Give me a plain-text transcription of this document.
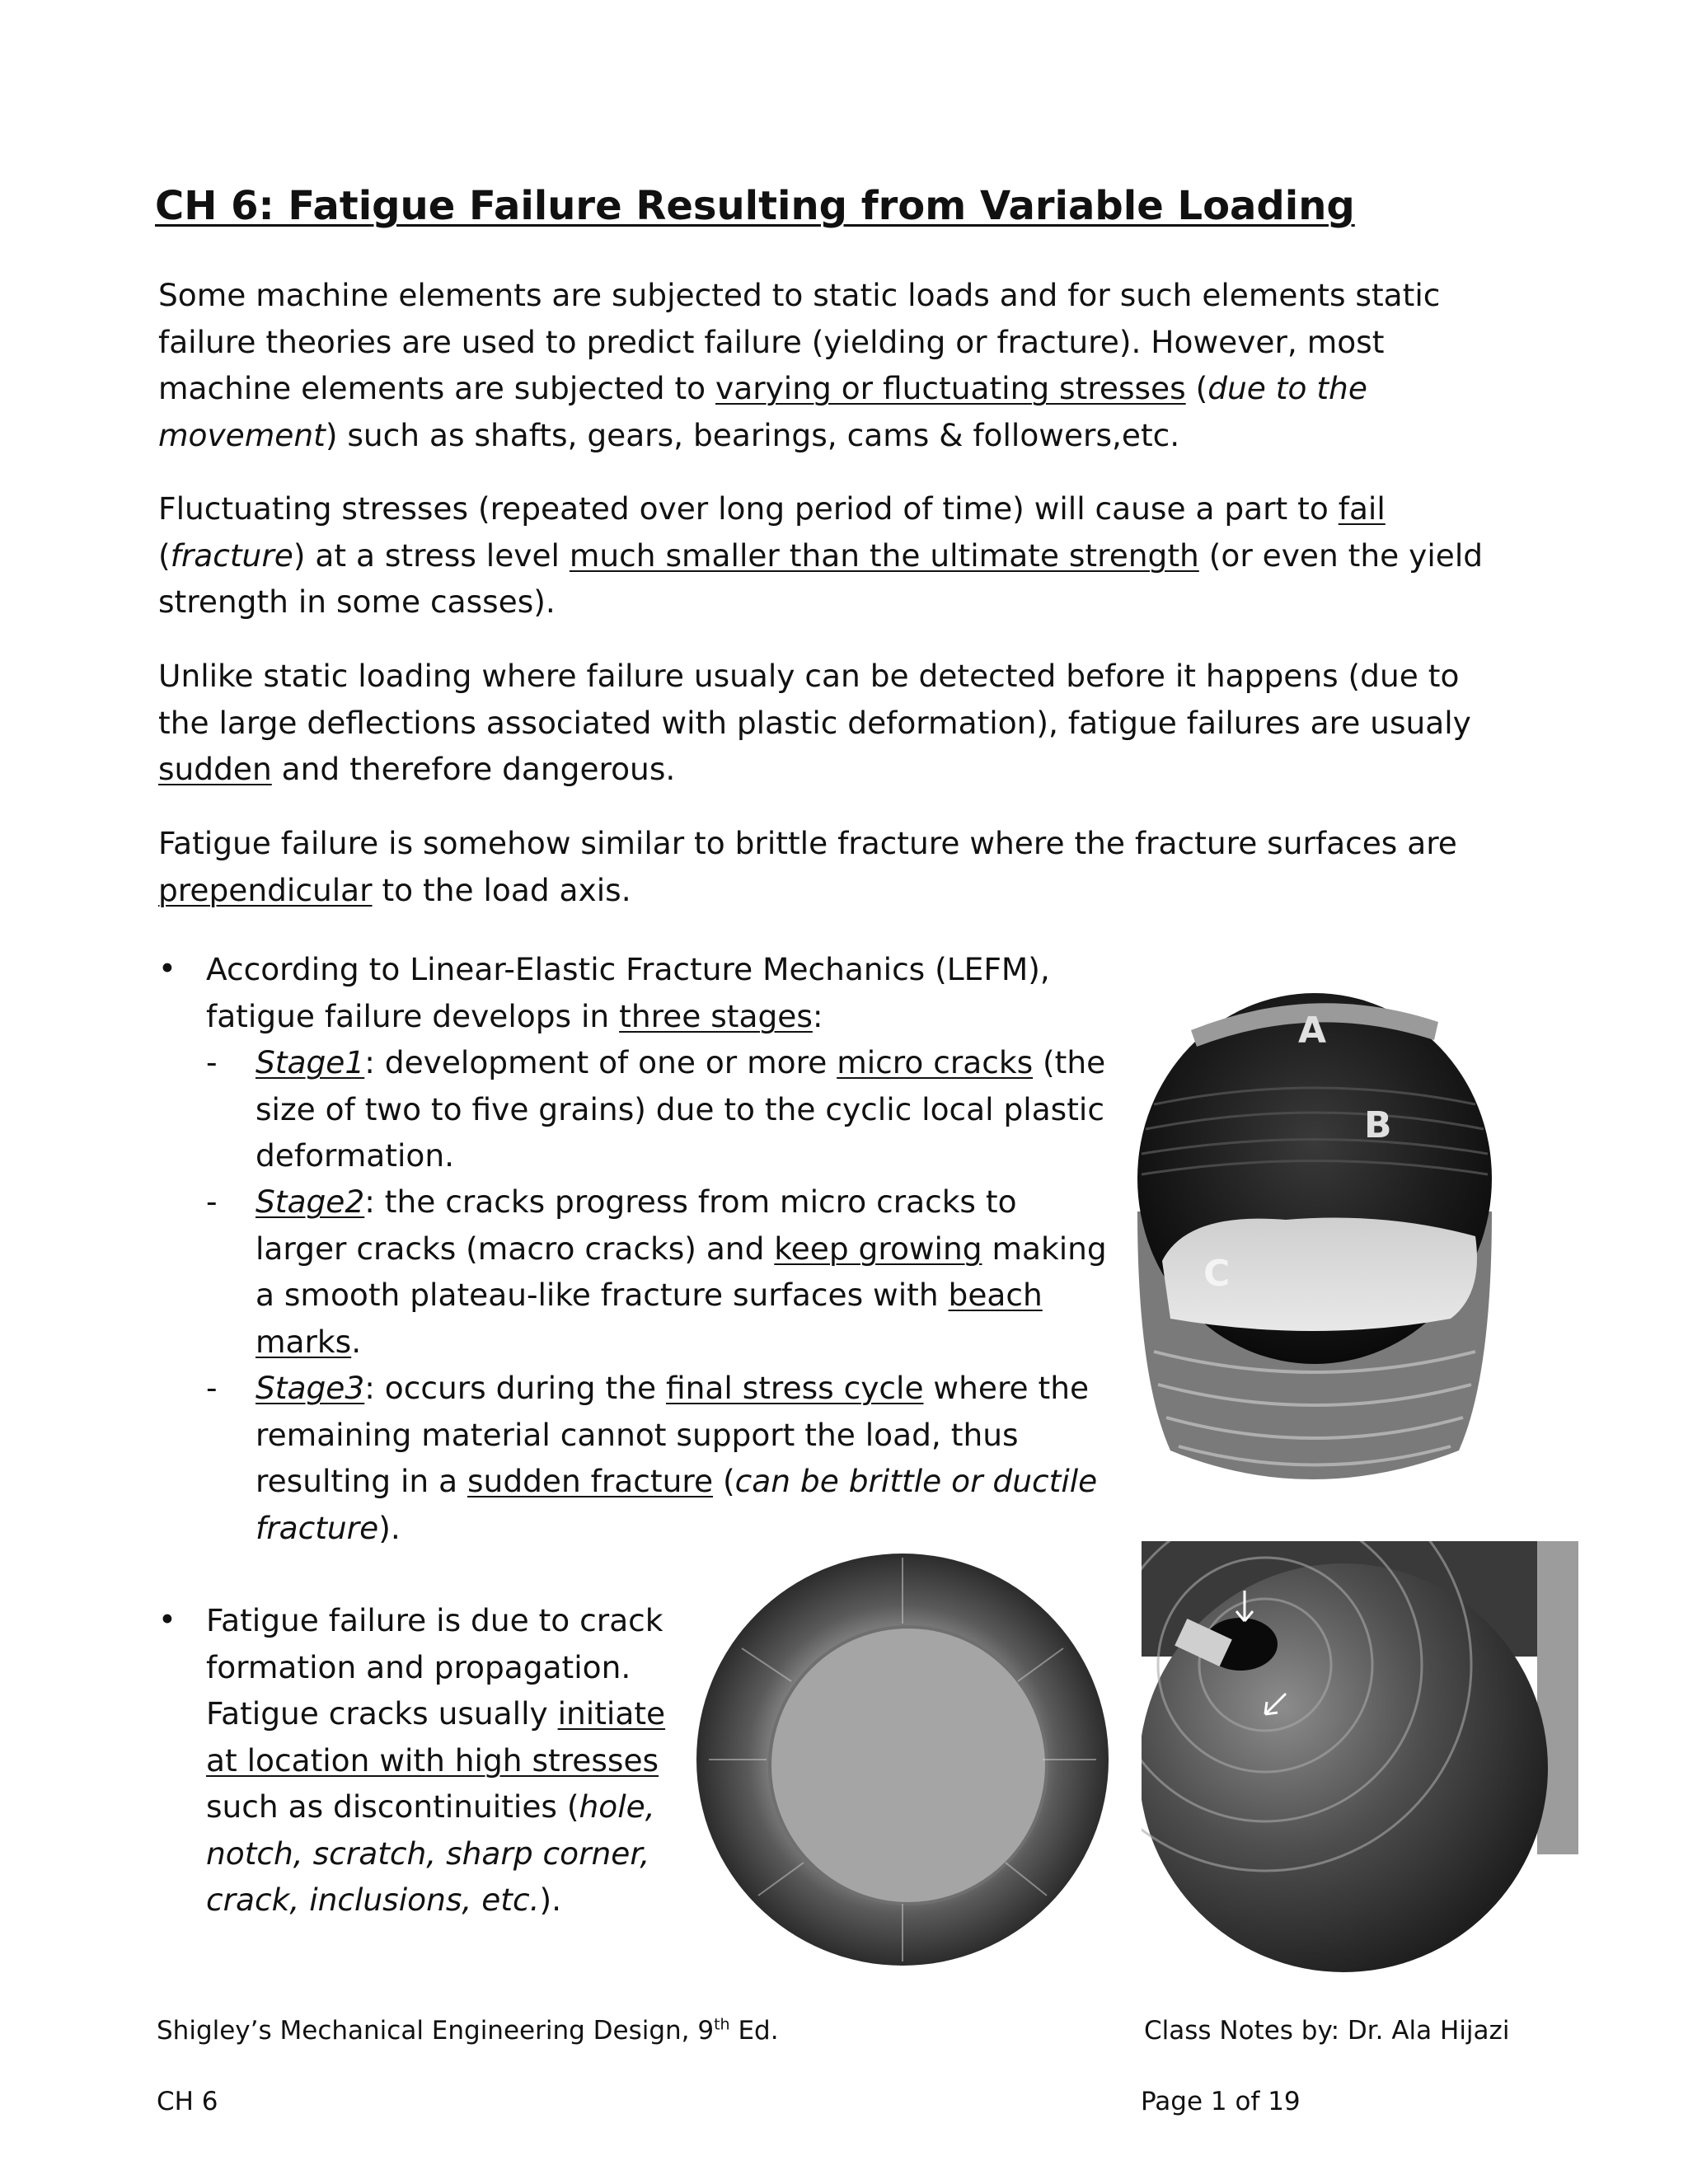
CH 6: Fatigue Failure Resulting from Variable Loading

Some machine elements are subjected to static loads and for such elements static failure theories are used to predict failure (yielding or fracture). However, most machine elements are subjected to varying or fluctuating stresses (due to the movement) such as shafts, gears, bearings, cams & followers,etc.

Fluctuating stresses (repeated over long period of time) will cause a part to fail (fracture) at a stress level much smaller than the ultimate strength (or even the yield strength in some casses).

Unlike static loading where failure usualy can be detected before it happens (due to the large deflections associated with plastic deformation), fatigue failures are usualy sudden and therefore dangerous.

Fatigue failure is somehow similar to brittle fracture where the fracture surfaces are prependicular to the load axis.

• According to Linear-Elastic Fracture Mechanics (LEFM), fatigue failure develops in three stages:

- Stage1: development of one or more micro cracks (the size of two to five grains) due to the cyclic local plastic deformation.

- Stage2: the cracks progress from micro cracks to larger cracks (macro cracks) and keep growing making a smooth plateau-like fracture surfaces with beach marks.

- Stage3: occurs during the final stress cycle where the remaining material cannot support the load, thus resulting in a sudden fracture (can be brittle or ductile fracture).

• Fatigue failure is due to crack formation and propagation. Fatigue cracks usually initiate at location with high stresses such as discontinuities (hole, notch, scratch, sharp corner, crack, inclusions, etc.).

A
B
C

Shigley’s Mechanical Engineering Design, 9th Ed.	Class Notes by: Dr. Ala Hijazi

CH 6	Page 1 of 19
